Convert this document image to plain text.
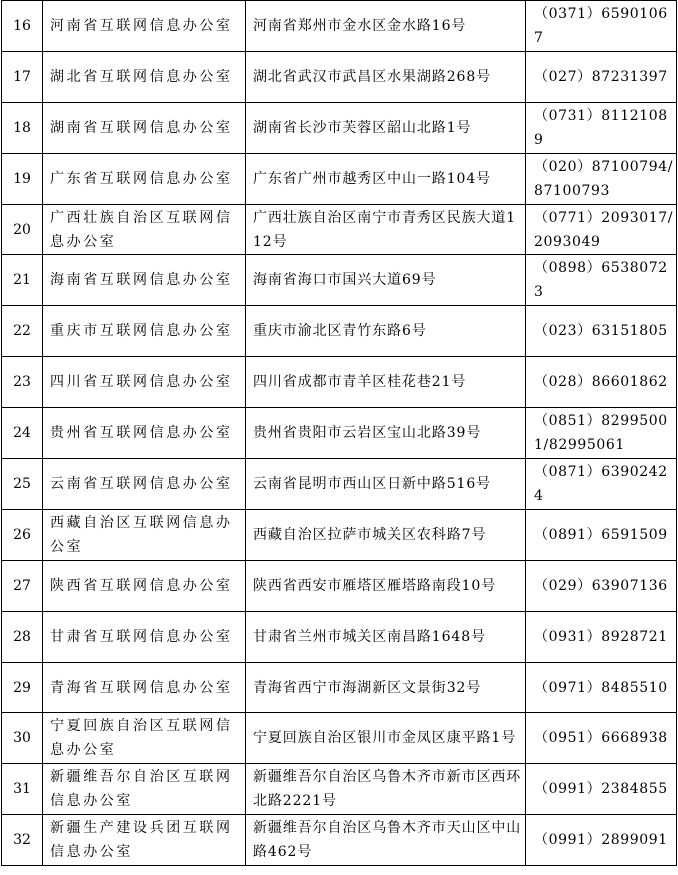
16	河南省互联网信息办公室	河南省郑州市金水区金水路16号	（0371）65901067

17	湖北省互联网信息办公室	湖北省武汉市武昌区水果湖路268号	（027）87231397

18	湖南省互联网信息办公室	湖南省长沙市芙蓉区韶山北路1号	（0731）81121089

19	广东省互联网信息办公室	广东省广州市越秀区中山一路104号	（020）87100794/87100793

20	广西壮族自治区互联网信息办公室	广西壮族自治区南宁市青秀区民族大道112号	（0771）2093017/2093049

21	海南省互联网信息办公室	海南省海口市国兴大道69号	（0898）65380723

22	重庆市互联网信息办公室	重庆市渝北区青竹东路6号	（023）63151805

23	四川省互联网信息办公室	四川省成都市青羊区桂花巷21号	（028）86601862

24	贵州省互联网信息办公室	贵州省贵阳市云岩区宝山北路39号	（0851）82995001/82995061

25	云南省互联网信息办公室	云南省昆明市西山区日新中路516号	（0871）63902424

26	西藏自治区互联网信息办公室	西藏自治区拉萨市城关区农科路7号	（0891）6591509

27	陕西省互联网信息办公室	陕西省西安市雁塔区雁塔路南段10号	（029）63907136

28	甘肃省互联网信息办公室	甘肃省兰州市城关区南昌路1648号	（0931）8928721

29	青海省互联网信息办公室	青海省西宁市海湖新区文景街32号	（0971）8485510

30	宁夏回族自治区互联网信息办公室	宁夏回族自治区银川市金凤区康平路1号	（0951）6668938

31	新疆维吾尔自治区互联网信息办公室	新疆维吾尔自治区乌鲁木齐市新市区西环北路2221号	（0991）2384855

32	新疆生产建设兵团互联网信息办公室	新疆维吾尔自治区乌鲁木齐市天山区中山路462号	（0991）2899091
